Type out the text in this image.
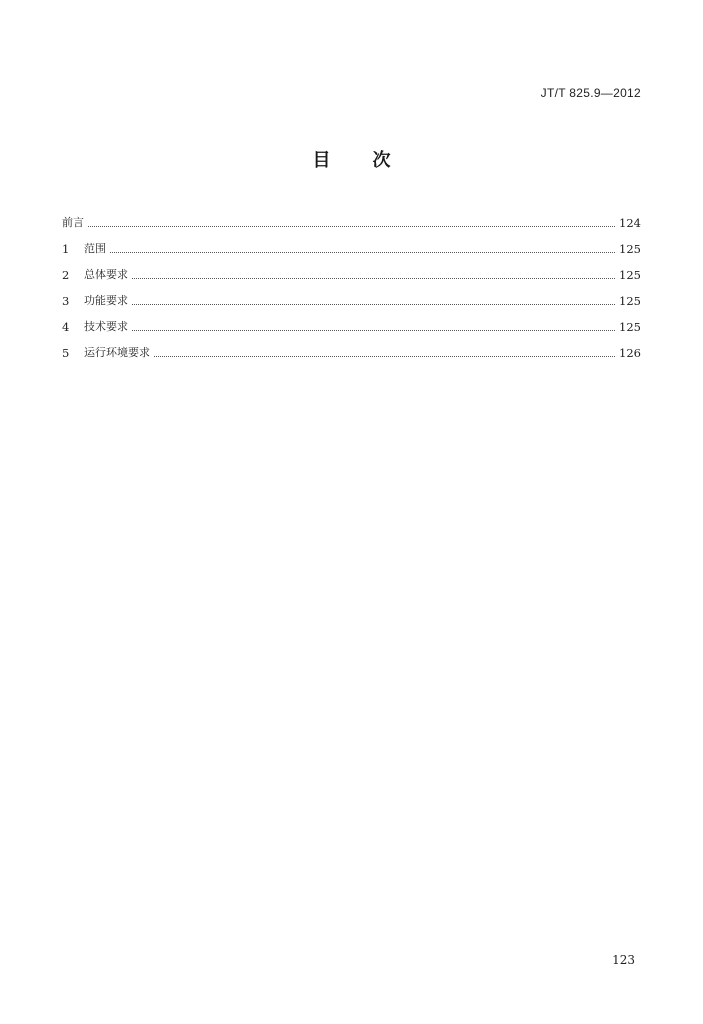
JT/T 825.9—2012
目次
前言	124
1	范围	125
2	总体要求	125
3	功能要求	125
4	技术要求	125
5	运行环境要求	126
123
